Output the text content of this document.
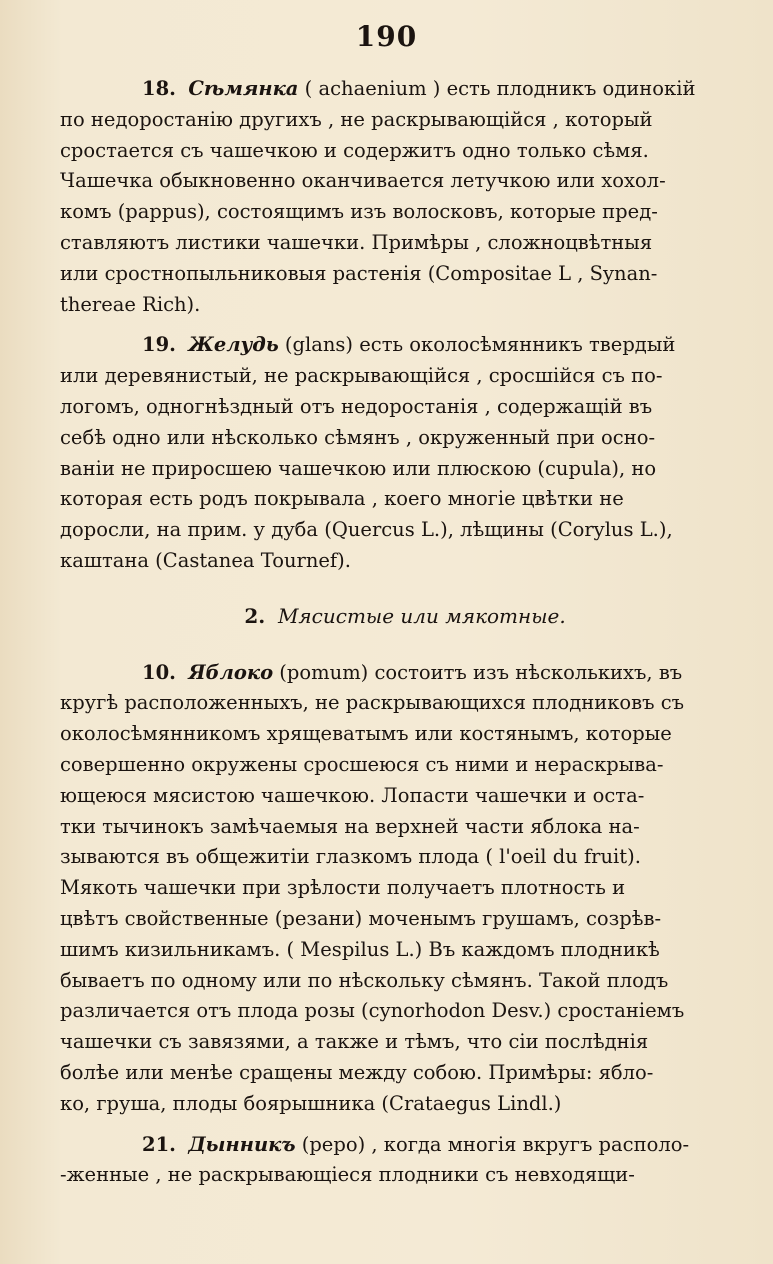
190
18. Сѣмянка ( achaenium ) есть плодникъ одинокій
по недоростанію другихъ , не раскрывающійся , который
сростается съ чашечкою и содержитъ одно только сѣмя.
Чашечка обыкновенно оканчивается летучкою или хохол-
комъ (pappus), состоящимъ изъ волосковъ, которые пред-
ставляютъ листики чашечки. Примѣры , сложноцвѣтныя
или сростнопыльниковыя растенія (Compositae L , Synan-
thereae Rich).
19. Желудь (glans) есть околосѣмянникъ твердый
или деревянистый, не раскрывающійся , сросшійся съ по-
логомъ, одногнѣздный отъ недоростанія , содержащій въ
себѣ одно или нѣсколько сѣмянъ , окруженный при осно-
ваніи не приросшею чашечкою или плюскою (cupula), но
которая есть родъ покрывала , коего многіе цвѣтки не
доросли, на прим. у дуба (Quercus L.), лѣщины (Corylus L.),
каштана (Castanea Tournef).
2. Мясистые или мякотные.
10. Яблоко (pomum) состоитъ изъ нѣсколькихъ, въ
кругѣ расположенныхъ, не раскрывающихся плодниковъ съ
околосѣмянникомъ хрящеватымъ или костянымъ, которые
совершенно окружены сросшеюся съ ними и нераскрыва-
ющеюся мясистою чашечкою. Лопасти чашечки и оста-
тки тычинокъ замѣчаемыя на верхней части яблока на-
зываются въ общежитіи глазкомъ плода ( l'oeil du fruit).
Мякоть чашечки при зрѣлости получаетъ плотность и
цвѣтъ свойственные (резани) моченымъ грушамъ, созрѣв-
шимъ кизильникамъ. ( Mespilus L.) Въ каждомъ плодникѣ
бываетъ по одному или по нѣскольку сѣмянъ. Такой плодъ
различается отъ плода розы (cynorhodon Desv.) сростаніемъ
чашечки съ завязями, а также и тѣмъ, что сіи послѣднія
болѣе или менѣе сращены между собою. Примѣры: ябло-
ко, груша, плоды боярышника (Crataegus Lindl.)
21. Дынникъ (pepo) , когда многія вкругъ располо-
-женные , не раскрывающіеся плодники съ невходящи-
